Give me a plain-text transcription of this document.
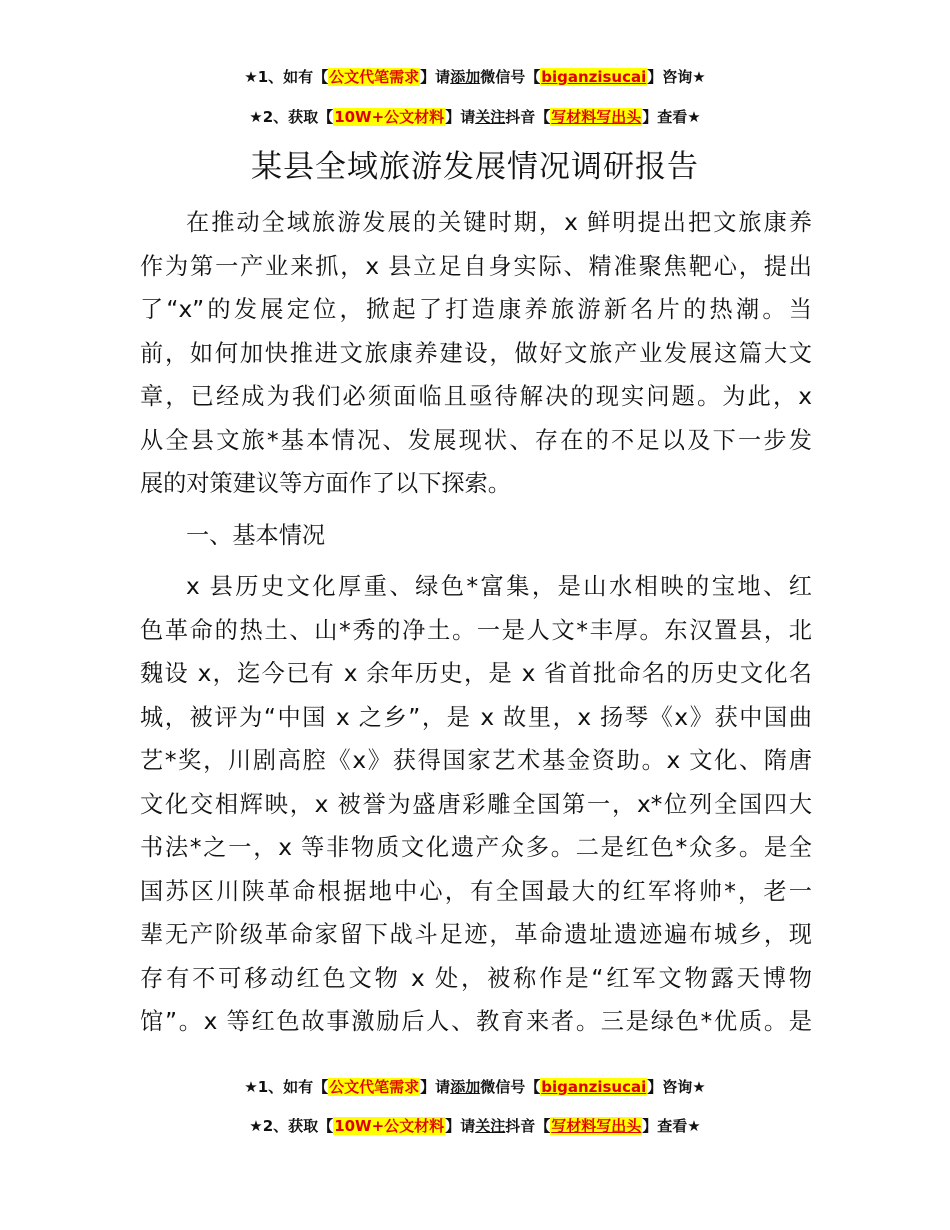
★1、如有【公文代笔需求】请添加微信号【biganzisucai】咨询★
★2、获取【10W+公文材料】请关注抖音【写材料写出头】查看★
某县全域旅游发展情况调研报告
在推动全域旅游发展的关键时期，x 鲜明提出把文旅康养
作为第一产业来抓，x 县立足自身实际、精准聚焦靶心，提出
了“x”的发展定位，掀起了打造康养旅游新名片的热潮。当
前，如何加快推进文旅康养建设，做好文旅产业发展这篇大文
章，已经成为我们必须面临且亟待解决的现实问题。为此，x
从全县文旅*基本情况、发展现状、存在的不足以及下一步发
展的对策建议等方面作了以下探索。
一、基本情况
x 县历史文化厚重、绿色*富集，是山水相映的宝地、红
色革命的热土、山*秀的净土。一是人文*丰厚。东汉置县，北
魏设 x，迄今已有 x 余年历史，是 x 省首批命名的历史文化名
城，被评为“中国 x 之乡”，是 x 故里，x 扬琴《x》获中国曲
艺*奖，川剧高腔《x》获得国家艺术基金资助。x 文化、隋唐
文化交相辉映，x 被誉为盛唐彩雕全国第一，x*位列全国四大
书法*之一，x 等非物质文化遗产众多。二是红色*众多。是全
国苏区川陕革命根据地中心，有全国最大的红军将帅*，老一
辈无产阶级革命家留下战斗足迹，革命遗址遗迹遍布城乡，现
存有不可移动红色文物 x 处，被称作是“红军文物露天博物
馆”。x 等红色故事激励后人、教育来者。三是绿色*优质。是
★1、如有【公文代笔需求】请添加微信号【biganzisucai】咨询★
★2、获取【10W+公文材料】请关注抖音【写材料写出头】查看★
